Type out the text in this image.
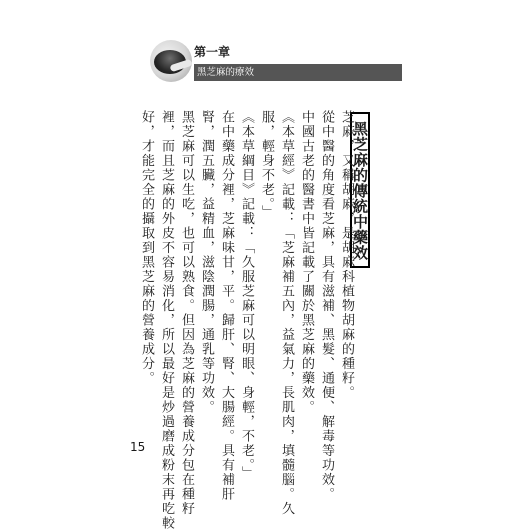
第一章
黑芝麻的療效
黑芝麻的傳統中藥效
芝麻，又稱胡麻，是胡麻科植物胡麻的種籽。
從中醫的角度看芝麻，具有滋補、黑髮、通便、解毒等功效。
中國古老的醫書中皆記載了關於黑芝麻的藥效。
《本草經》記載：「芝麻補五內，益氣力，長肌肉，填髓腦。久
服，輕身不老。」
《本草綱目》記載：「久服芝麻可以明眼、身輕，不老。」
在中藥成分裡，芝麻味甘，平。歸肝、腎、大腸經。具有補肝
腎，潤五臟，益精血，滋陰潤腸，通乳等功效。
黑芝麻可以生吃，也可以熟食。但因為芝麻的營養成分包在種籽
裡，而且芝麻的外皮不容易消化，所以最好是炒過磨成粉末再吃較
好，才能完全的攝取到黑芝麻的營養成分。
15
